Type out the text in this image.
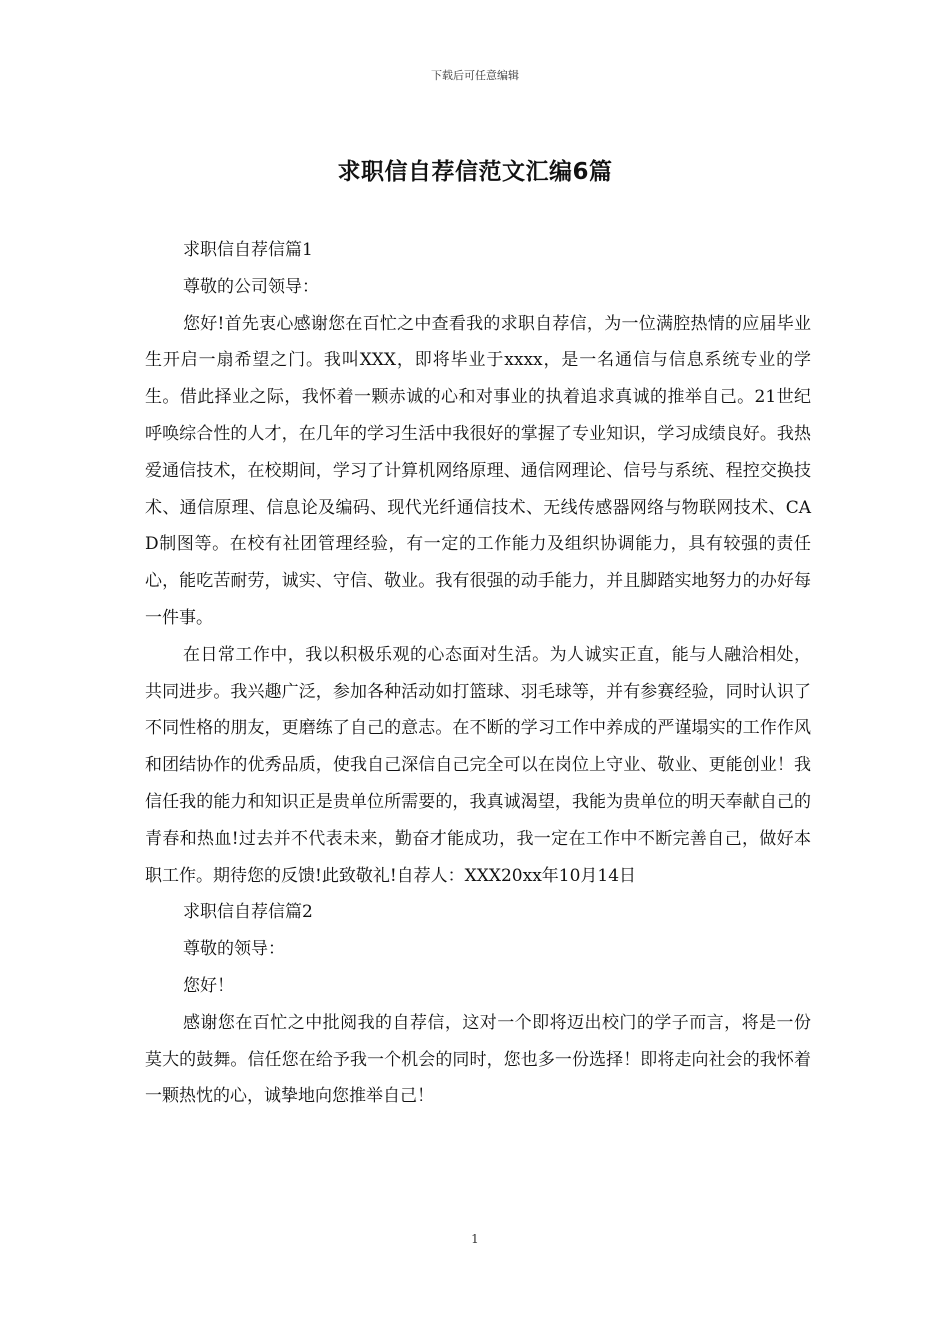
下载后可任意编辑
求职信自荐信范文汇编6篇

求职信自荐信篇1

尊敬的公司领导：

您好!首先衷心感谢您在百忙之中查看我的求职自荐信，为一位满腔热情的应届毕业生开启一扇希望之门。我叫XXX，即将毕业于xxxx，是一名通信与信息系统专业的学生。借此择业之际，我怀着一颗赤诚的心和对事业的执着追求真诚的推举自己。21世纪呼唤综合性的人才，在几年的学习生活中我很好的掌握了专业知识，学习成绩良好。我热爱通信技术，在校期间，学习了计算机网络原理、通信网理论、信号与系统、程控交换技术、通信原理、信息论及编码、现代光纤通信技术、无线传感器网络与物联网技术、CAD制图等。在校有社团管理经验，有一定的工作能力及组织协调能力，具有较强的责任心，能吃苦耐劳，诚实、守信、敬业。我有很强的动手能力，并且脚踏实地努力的办好每一件事。

在日常工作中，我以积极乐观的心态面对生活。为人诚实正直，能与人融洽相处，共同进步。我兴趣广泛，参加各种活动如打篮球、羽毛球等，并有参赛经验，同时认识了不同性格的朋友，更磨练了自己的意志。在不断的学习工作中养成的严谨塌实的工作作风和团结协作的优秀品质，使我自己深信自己完全可以在岗位上守业、敬业、更能创业！我信任我的能力和知识正是贵单位所需要的，我真诚渴望，我能为贵单位的明天奉献自己的青春和热血!过去并不代表未来，勤奋才能成功，我一定在工作中不断完善自己，做好本职工作。期待您的反馈!此致敬礼!自荐人：XXX20xx年10月14日

求职信自荐信篇2

尊敬的领导：

您好！

感谢您在百忙之中批阅我的自荐信，这对一个即将迈出校门的学子而言，将是一份莫大的鼓舞。信任您在给予我一个机会的同时，您也多一份选择！即将走向社会的我怀着一颗热忱的心，诚挚地向您推举自己！

1
